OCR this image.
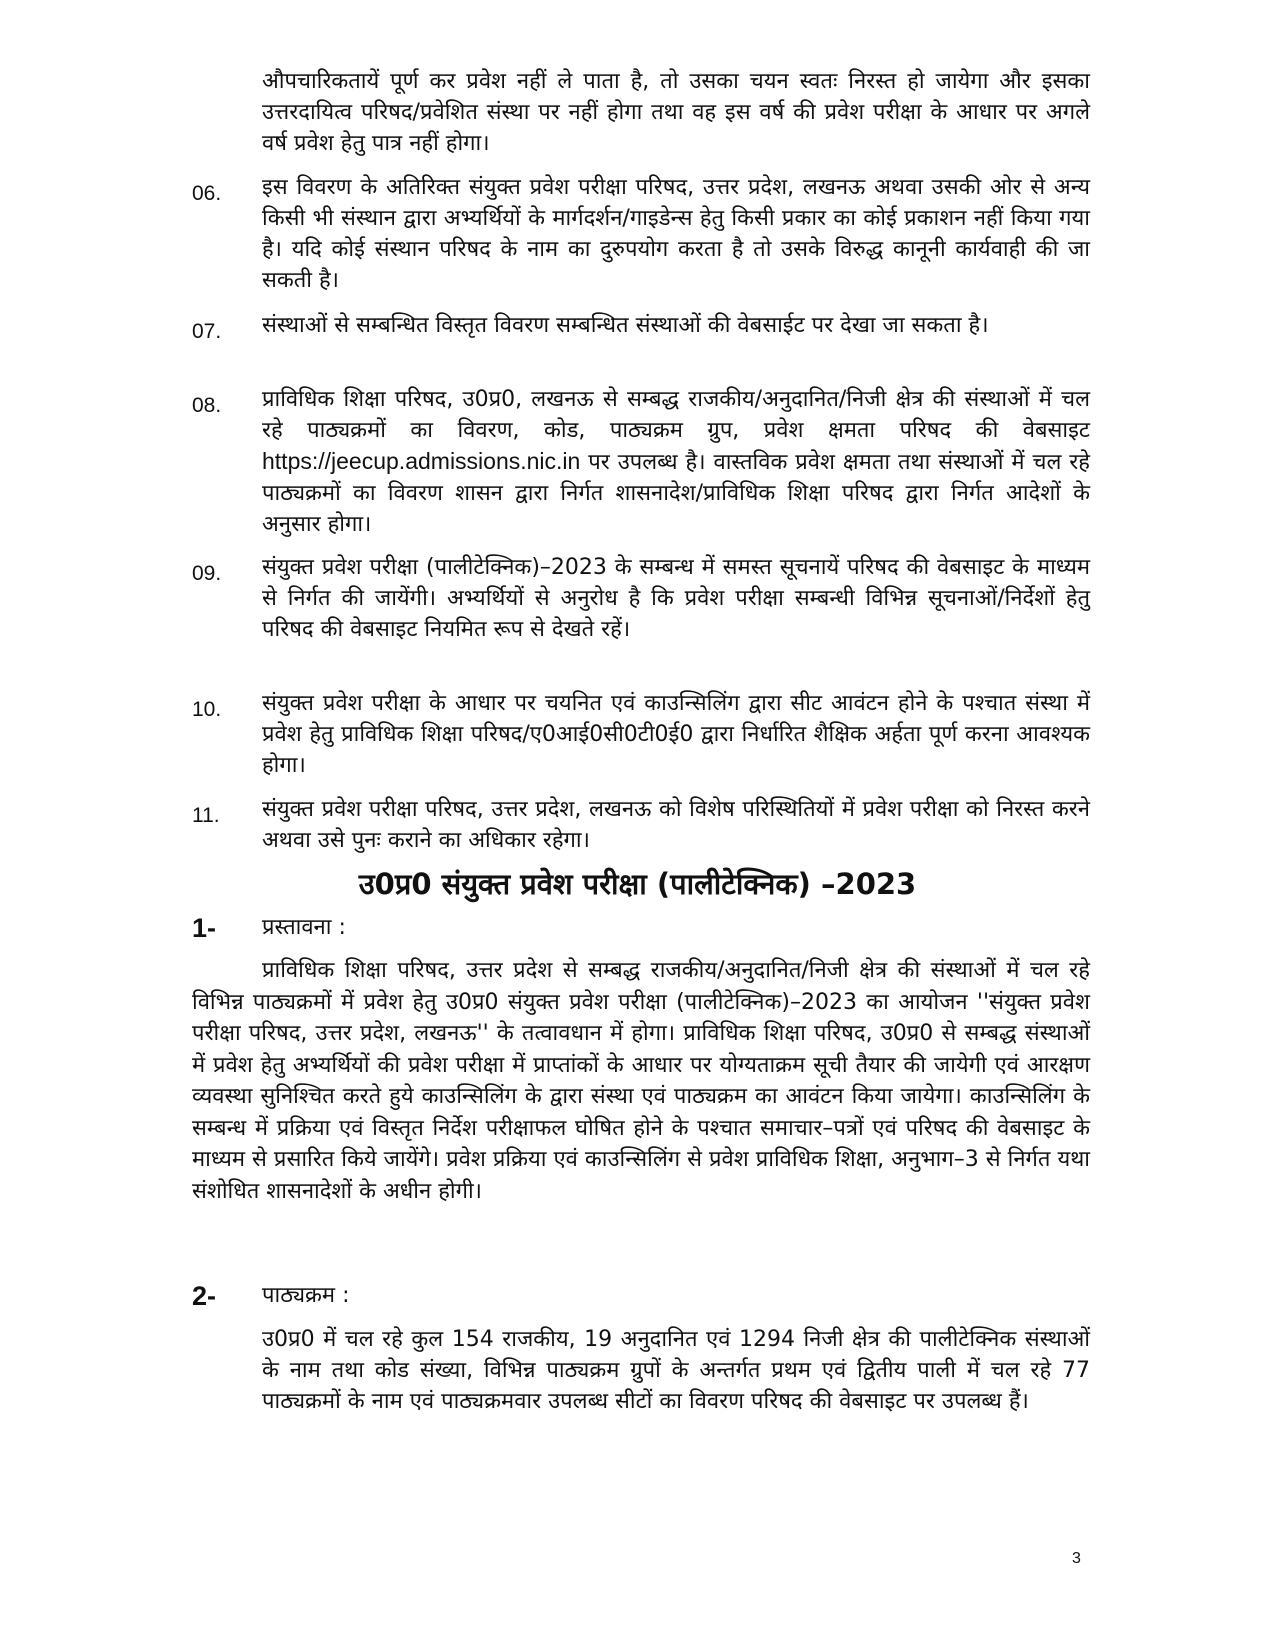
औपचारिकतायें पूर्ण कर प्रवेश नहीं ले पाता है, तो उसका चयन स्वतः निरस्त हो जायेगा और इसका उत्तरदायित्व परिषद/प्रवेशित संस्था पर नहीं होगा तथा वह इस वर्ष की प्रवेश परीक्षा के आधार पर अगले वर्ष प्रवेश हेतु पात्र नहीं होगा।

06.	इस विवरण के अतिरिक्त संयुक्त प्रवेश परीक्षा परिषद, उत्तर प्रदेश, लखनऊ अथवा उसकी ओर से अन्य किसी भी संस्थान द्वारा अभ्यर्थियों के मार्गदर्शन/गाइडेन्स हेतु किसी प्रकार का कोई प्रकाशन नहीं किया गया है। यदि कोई संस्थान परिषद के नाम का दुरुपयोग करता है तो उसके विरुद्ध कानूनी कार्यवाही की जा सकती है।

07.	संस्थाओं से सम्बन्धित विस्तृत विवरण सम्बन्धित संस्थाओं की वेबसाईट पर देखा जा सकता है।

08.	प्राविधिक शिक्षा परिषद, उ0प्र0, लखनऊ से सम्बद्ध राजकीय/अनुदानित/निजी क्षेत्र की संस्थाओं में चल रहे पाठ्यक्रमों का विवरण, कोड, पाठ्यक्रम ग्रुप, प्रवेश क्षमता परिषद की वेबसाइट https://jeecup.admissions.nic.in पर उपलब्ध है। वास्तविक प्रवेश क्षमता तथा संस्थाओं में चल रहे पाठ्यक्रमों का विवरण शासन द्वारा निर्गत शासनादेश/प्राविधिक शिक्षा परिषद द्वारा निर्गत आदेशों के अनुसार होगा।

09.	संयुक्त प्रवेश परीक्षा (पालीटेक्निक)–2023 के सम्बन्ध में समस्त सूचनायें परिषद की वेबसाइट के माध्यम से निर्गत की जायेंगी। अभ्यर्थियों से अनुरोध है कि प्रवेश परीक्षा सम्बन्धी विभिन्न सूचनाओं/निर्देशों हेतु परिषद की वेबसाइट नियमित रूप से देखते रहें।

10.	संयुक्त प्रवेश परीक्षा के आधार पर चयनित एवं काउन्सिलिंग द्वारा सीट आवंटन होने के पश्चात संस्था में प्रवेश हेतु प्राविधिक शिक्षा परिषद/ए0आई0सी0टी0ई0 द्वारा निर्धारित शैक्षिक अर्हता पूर्ण करना आवश्यक होगा।

11.	संयुक्त प्रवेश परीक्षा परिषद, उत्तर प्रदेश, लखनऊ को विशेष परिस्थितियों में प्रवेश परीक्षा को निरस्त करने अथवा उसे पुनः कराने का अधिकार रहेगा।

उ0प्र0 संयुक्त प्रवेश परीक्षा (पालीटेक्निक) –2023
1- प्रस्तावना :

प्राविधिक शिक्षा परिषद, उत्तर प्रदेश से सम्बद्ध राजकीय/अनुदानित/निजी क्षेत्र की संस्थाओं में चल रहे विभिन्न पाठ्यक्रमों में प्रवेश हेतु उ0प्र0 संयुक्त प्रवेश परीक्षा (पालीटेक्निक)–2023 का आयोजन ''संयुक्त प्रवेश परीक्षा परिषद, उत्तर प्रदेश, लखनऊ'' के तत्वावधान में होगा। प्राविधिक शिक्षा परिषद, उ0प्र0 से सम्बद्ध संस्थाओं में प्रवेश हेतु अभ्यर्थियों की प्रवेश परीक्षा में प्राप्तांकों के आधार पर योग्यताक्रम सूची तैयार की जायेगी एवं आरक्षण व्यवस्था सुनिश्चित करते हुये काउन्सिलिंग के द्वारा संस्था एवं पाठ्यक्रम का आवंटन किया जायेगा। काउन्सिलिंग के सम्बन्ध में प्रक्रिया एवं विस्तृत निर्देश परीक्षाफल घोषित होने के पश्चात समाचार–पत्रों एवं परिषद की वेबसाइट के माध्यम से प्रसारित किये जायेंगे। प्रवेश प्रक्रिया एवं काउन्सिलिंग से प्रवेश प्राविधिक शिक्षा, अनुभाग–3 से निर्गत यथा संशोधित शासनादेशों के अधीन होगी।

2- पाठ्यक्रम :

उ0प्र0 में चल रहे कुल 154 राजकीय, 19 अनुदानित एवं 1294 निजी क्षेत्र की पालीटेक्निक संस्थाओं के नाम तथा कोड संख्या, विभिन्न पाठ्यक्रम ग्रुपों के अन्तर्गत प्रथम एवं द्वितीय पाली में चल रहे 77 पाठ्यक्रमों के नाम एवं पाठ्यक्रमवार उपलब्ध सीटों का विवरण परिषद की वेबसाइट पर उपलब्ध हैं।

3
